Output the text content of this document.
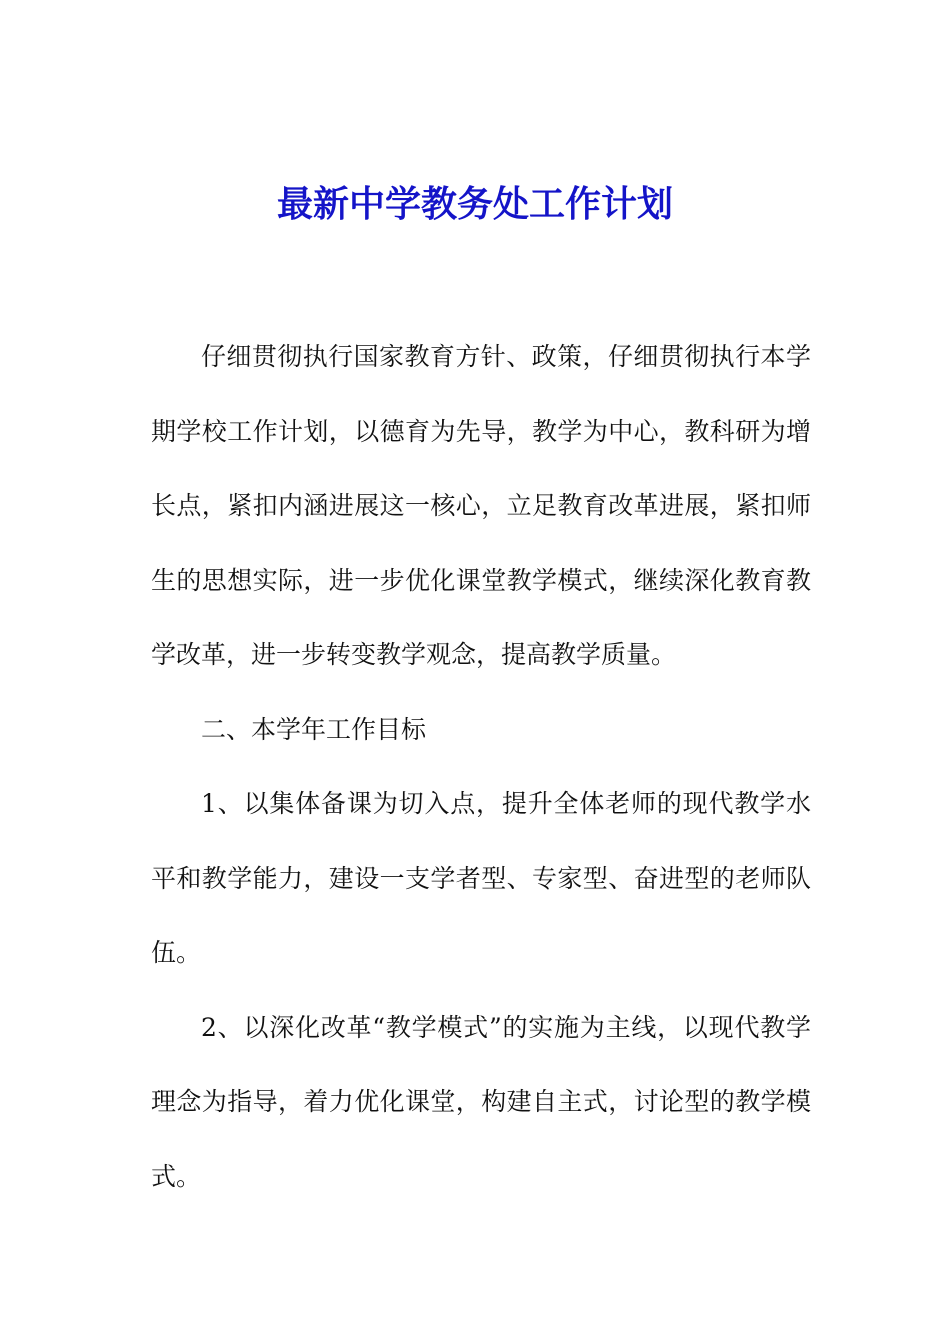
最新中学教务处工作计划

仔细贯彻执行国家教育方针、政策，仔细贯彻执行本学期学校工作计划，以德育为先导，教学为中心，教科研为增长点，紧扣内涵进展这一核心，立足教育改革进展，紧扣师生的思想实际，进一步优化课堂教学模式，继续深化教育教学改革，进一步转变教学观念，提高教学质量。

二、本学年工作目标

1、以集体备课为切入点，提升全体老师的现代教学水平和教学能力，建设一支学者型、专家型、奋进型的老师队伍。

2、以深化改革“教学模式”的实施为主线，以现代教学理念为指导，着力优化课堂，构建自主式，讨论型的教学模式。
